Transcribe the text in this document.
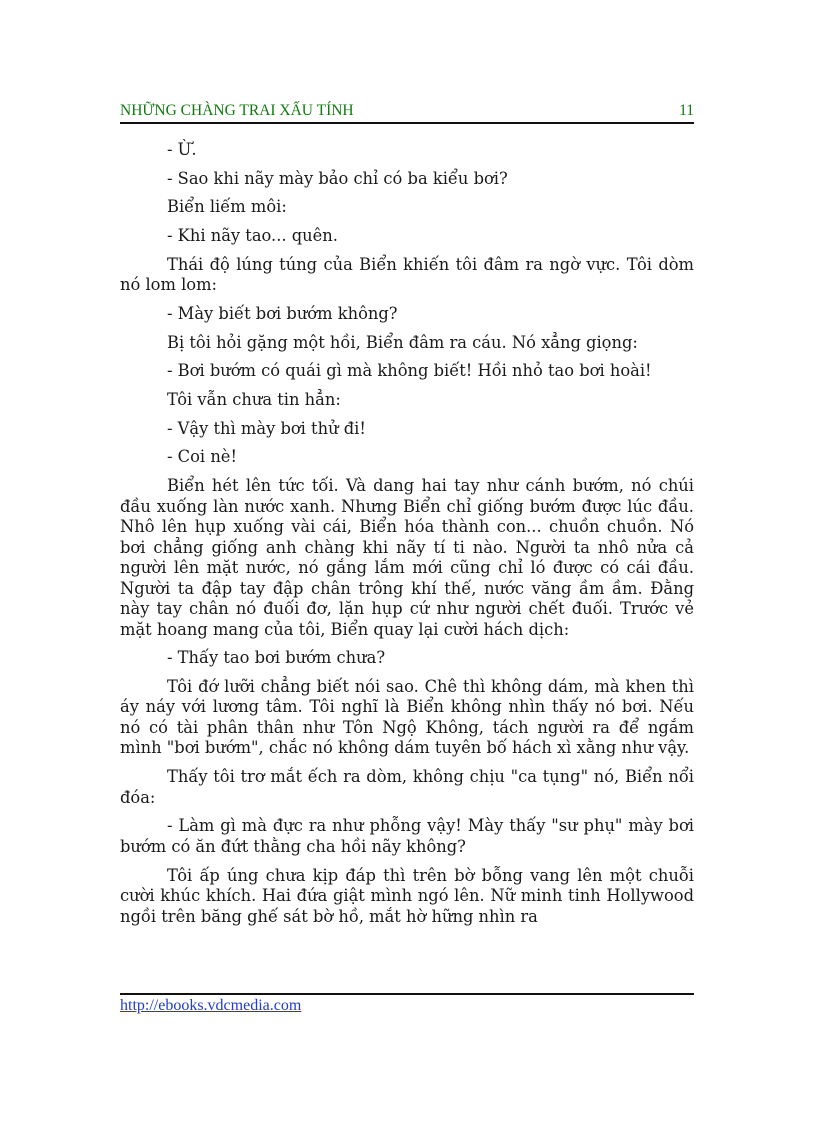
NHỮNG CHÀNG TRAI XẤU TÍNH	11

- Ừ.

- Sao khi nãy mày bảo chỉ có ba kiểu bơi?

Biển liếm môi:

- Khi nãy tao... quên.

Thái độ lúng túng của Biển khiến tôi đâm ra ngờ vực. Tôi dòm nó lom lom:

- Mày biết bơi bướm không?

Bị tôi hỏi gặng một hồi, Biển đâm ra cáu. Nó xẳng giọng:

- Bơi bướm có quái gì mà không biết! Hồi nhỏ tao bơi hoài!

Tôi vẫn chưa tin hẳn:

- Vậy thì mày bơi thử đi!

- Coi nè!

Biển hét lên tức tối. Và dang hai tay như cánh bướm, nó chúi đầu xuống làn nước xanh. Nhưng Biển chỉ giống bướm được lúc đầu. Nhô lên hụp xuống vài cái, Biển hóa thành con... chuồn chuồn. Nó bơi chẳng giống anh chàng khi nãy tí ti nào. Người ta nhô nửa cả người lên mặt nước, nó gắng lắm mới cũng chỉ ló được có cái đầu. Người ta đập tay đập chân trông khí thế, nước văng ầm ầm. Đằng này tay chân nó đuối đơ, lặn hụp cứ như người chết đuối. Trước vẻ mặt hoang mang của tôi, Biển quay lại cười hách dịch:

- Thấy tao bơi bướm chưa?

Tôi đớ lưỡi chẳng biết nói sao. Chê thì không dám, mà khen thì áy náy với lương tâm. Tôi nghĩ là Biển không nhìn thấy nó bơi. Nếu nó có tài phân thân như Tôn Ngộ Không, tách người ra để ngắm mình "bơi bướm", chắc nó không dám tuyên bố hách xì xằng như vậy.

Thấy tôi trơ mắt ếch ra dòm, không chịu "ca tụng" nó, Biển nổi đóa:

- Làm gì mà đực ra như phỗng vậy! Mày thấy "sư phụ" mày bơi bướm có ăn đứt thằng cha hồi nãy không?

Tôi ấp úng chưa kịp đáp thì trên bờ bỗng vang lên một chuỗi cười khúc khích. Hai đứa giật mình ngó lên. Nữ minh tinh Hollywood ngồi trên băng ghế sát bờ hồ, mắt hờ hững nhìn ra

http://ebooks.vdcmedia.com
